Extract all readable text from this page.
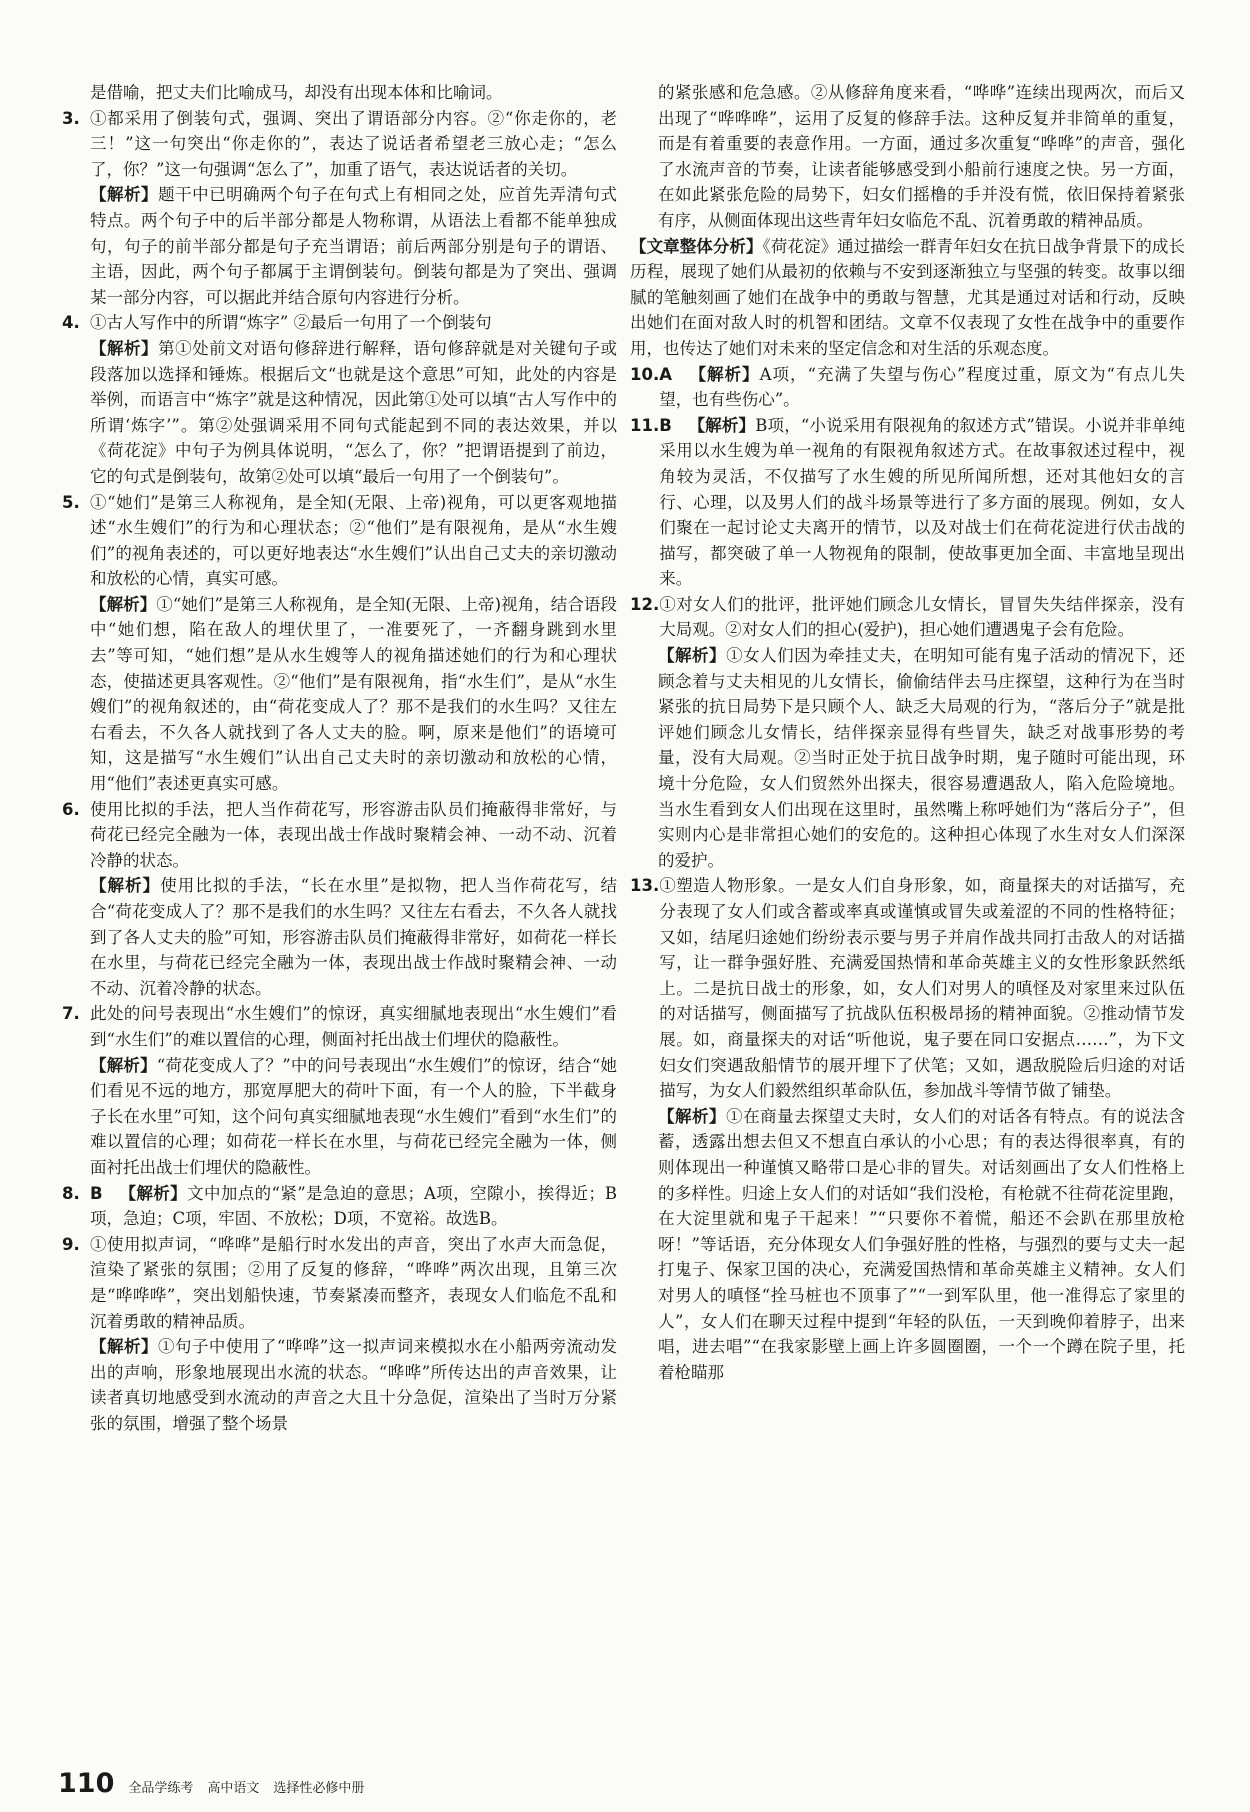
是借喻，把丈夫们比喻成马，却没有出现本体和比喻词。

3. ①都采用了倒装句式，强调、突出了谓语部分内容。②“你走你的，老三！”这一句突出“你走你的”，表达了说话者希望老三放心走；“怎么了，你？”这一句强调“怎么了”，加重了语气，表达说话者的关切。

【解析】题干中已明确两个句子在句式上有相同之处，应首先弄清句式特点。两个句子中的后半部分都是人物称谓，从语法上看都不能单独成句，句子的前半部分都是句子充当谓语；前后两部分别是句子的谓语、主语，因此，两个句子都属于主谓倒装句。倒装句都是为了突出、强调某一部分内容，可以据此并结合原句内容进行分析。

4. ①古人写作中的所谓“炼字” ②最后一句用了一个倒装句

【解析】第①处前文对语句修辞进行解释，语句修辞就是对关键句子或段落加以选择和锤炼。根据后文“也就是这个意思”可知，此处的内容是举例，而语言中“炼字”就是这种情况，因此第①处可以填“古人写作中的所谓‘炼字’”。第②处强调采用不同句式能起到不同的表达效果，并以《荷花淀》中句子为例具体说明，“怎么了，你？”把谓语提到了前边，它的句式是倒装句，故第②处可以填“最后一句用了一个倒装句”。

5. ①“她们”是第三人称视角，是全知(无限、上帝)视角，可以更客观地描述“水生嫂们”的行为和心理状态；②“他们”是有限视角，是从“水生嫂们”的视角表述的，可以更好地表达“水生嫂们”认出自己丈夫的亲切激动和放松的心情，真实可感。

【解析】①“她们”是第三人称视角，是全知(无限、上帝)视角，结合语段中“她们想，陷在敌人的埋伏里了，一准要死了，一齐翻身跳到水里去”等可知，“她们想”是从水生嫂等人的视角描述她们的行为和心理状态，使描述更具客观性。②“他们”是有限视角，指“水生们”，是从“水生嫂们”的视角叙述的，由“荷花变成人了？那不是我们的水生吗？又往左右看去，不久各人就找到了各人丈夫的脸。啊，原来是他们”的语境可知，这是描写“水生嫂们”认出自己丈夫时的亲切激动和放松的心情，用“他们”表述更真实可感。

6. 使用比拟的手法，把人当作荷花写，形容游击队员们掩蔽得非常好，与荷花已经完全融为一体，表现出战士作战时聚精会神、一动不动、沉着冷静的状态。

【解析】使用比拟的手法，“长在水里”是拟物，把人当作荷花写，结合“荷花变成人了？那不是我们的水生吗？又往左右看去，不久各人就找到了各人丈夫的脸”可知，形容游击队员们掩蔽得非常好，如荷花一样长在水里，与荷花已经完全融为一体，表现出战士作战时聚精会神、一动不动、沉着冷静的状态。

7. 此处的问号表现出“水生嫂们”的惊讶，真实细腻地表现出“水生嫂们”看到“水生们”的难以置信的心理，侧面衬托出战士们埋伏的隐蔽性。

【解析】“荷花变成人了？”中的问号表现出“水生嫂们”的惊讶，结合“她们看见不远的地方，那宽厚肥大的荷叶下面，有一个人的脸，下半截身子长在水里”可知，这个问句真实细腻地表现“水生嫂们”看到“水生们”的难以置信的心理；如荷花一样长在水里，与荷花已经完全融为一体，侧面衬托出战士们埋伏的隐蔽性。

8. B  【解析】文中加点的“紧”是急迫的意思；A项，空隙小，挨得近；B项，急迫；C项，牢固、不放松；D项，不宽裕。故选B。
9. ①使用拟声词，“哗哗”是船行时水发出的声音，突出了水声大而急促，渲染了紧张的氛围；②用了反复的修辞，“哗哗”两次出现，且第三次是“哗哗哗”，突出划船快速，节奏紧凑而整齐，表现女人们临危不乱和沉着勇敢的精神品质。

【解析】①句子中使用了“哗哗”这一拟声词来模拟水在小船两旁流动发出的声响，形象地展现出水流的状态。“哗哗”所传达出的声音效果，让读者真切地感受到水流动的声音之大且十分急促，渲染出了当时万分紧张的氛围，增强了整个场景

的紧张感和危急感。②从修辞角度来看，“哗哗”连续出现两次，而后又出现了“哗哗哗”，运用了反复的修辞手法。这种反复并非简单的重复，而是有着重要的表意作用。一方面，通过多次重复“哗哗”的声音，强化了水流声音的节奏，让读者能够感受到小船前行速度之快。另一方面，在如此紧张危险的局势下，妇女们摇橹的手并没有慌，依旧保持着紧张有序，从侧面体现出这些青年妇女临危不乱、沉着勇敢的精神品质。

【文章整体分析】《荷花淀》通过描绘一群青年妇女在抗日战争背景下的成长历程，展现了她们从最初的依赖与不安到逐渐独立与坚强的转变。故事以细腻的笔触刻画了她们在战争中的勇敢与智慧，尤其是通过对话和行动，反映出她们在面对敌人时的机智和团结。文章不仅表现了女性在战争中的重要作用，也传达了她们对未来的坚定信念和对生活的乐观态度。

10. A  【解析】A项，“充满了失望与伤心”程度过重，原文为“有点儿失望，也有些伤心”。
11. B  【解析】B项，“小说采用有限视角的叙述方式”错误。小说并非单纯采用以水生嫂为单一视角的有限视角叙述方式。在故事叙述过程中，视角较为灵活，不仅描写了水生嫂的所见所闻所想，还对其他妇女的言行、心理，以及男人们的战斗场景等进行了多方面的展现。例如，女人们聚在一起讨论丈夫离开的情节，以及对战士们在荷花淀进行伏击战的描写，都突破了单一人物视角的限制，使故事更加全面、丰富地呈现出来。
12. ①对女人们的批评，批评她们顾念儿女情长，冒冒失失结伴探亲，没有大局观。②对女人们的担心(爱护)，担心她们遭遇鬼子会有危险。

【解析】①女人们因为牵挂丈夫，在明知可能有鬼子活动的情况下，还顾念着与丈夫相见的儿女情长，偷偷结伴去马庄探望，这种行为在当时紧张的抗日局势下是只顾个人、缺乏大局观的行为，“落后分子”就是批评她们顾念儿女情长，结伴探亲显得有些冒失，缺乏对战事形势的考量，没有大局观。②当时正处于抗日战争时期，鬼子随时可能出现，环境十分危险，女人们贸然外出探夫，很容易遭遇敌人，陷入危险境地。当水生看到女人们出现在这里时，虽然嘴上称呼她们为“落后分子”，但实则内心是非常担心她们的安危的。这种担心体现了水生对女人们深深的爱护。

13. ①塑造人物形象。一是女人们自身形象，如，商量探夫的对话描写，充分表现了女人们或含蓄或率真或谨慎或冒失或羞涩的不同的性格特征；又如，结尾归途她们纷纷表示要与男子并肩作战共同打击敌人的对话描写，让一群争强好胜、充满爱国热情和革命英雄主义的女性形象跃然纸上。二是抗日战士的形象，如，女人们对男人的嗔怪及对家里来过队伍的对话描写，侧面描写了抗战队伍积极昂扬的精神面貌。②推动情节发展。如，商量探夫的对话“听他说，鬼子要在同口安据点……”，为下文妇女们突遇敌船情节的展开埋下了伏笔；又如，遇敌脱险后归途的对话描写，为女人们毅然组织革命队伍，参加战斗等情节做了铺垫。

【解析】①在商量去探望丈夫时，女人们的对话各有特点。有的说法含蓄，透露出想去但又不想直白承认的小心思；有的表达得很率真，有的则体现出一种谨慎又略带口是心非的冒失。对话刻画出了女人们性格上的多样性。归途上女人们的对话如“我们没枪，有枪就不往荷花淀里跑，在大淀里就和鬼子干起来！”“只要你不着慌，船还不会趴在那里放枪呀！”等话语，充分体现女人们争强好胜的性格，与强烈的要与丈夫一起打鬼子、保家卫国的决心，充满爱国热情和革命英雄主义精神。女人们对男人的嗔怪“拴马桩也不顶事了”“一到军队里，他一准得忘了家里的人”，女人们在聊天过程中提到“年轻的队伍，一天到晚仰着脖子，出来唱，进去唱”“在我家影壁上画上许多圆圈圈，一个一个蹲在院子里，托着枪瞄那

110 全品学练考 高中语文 选择性必修中册
